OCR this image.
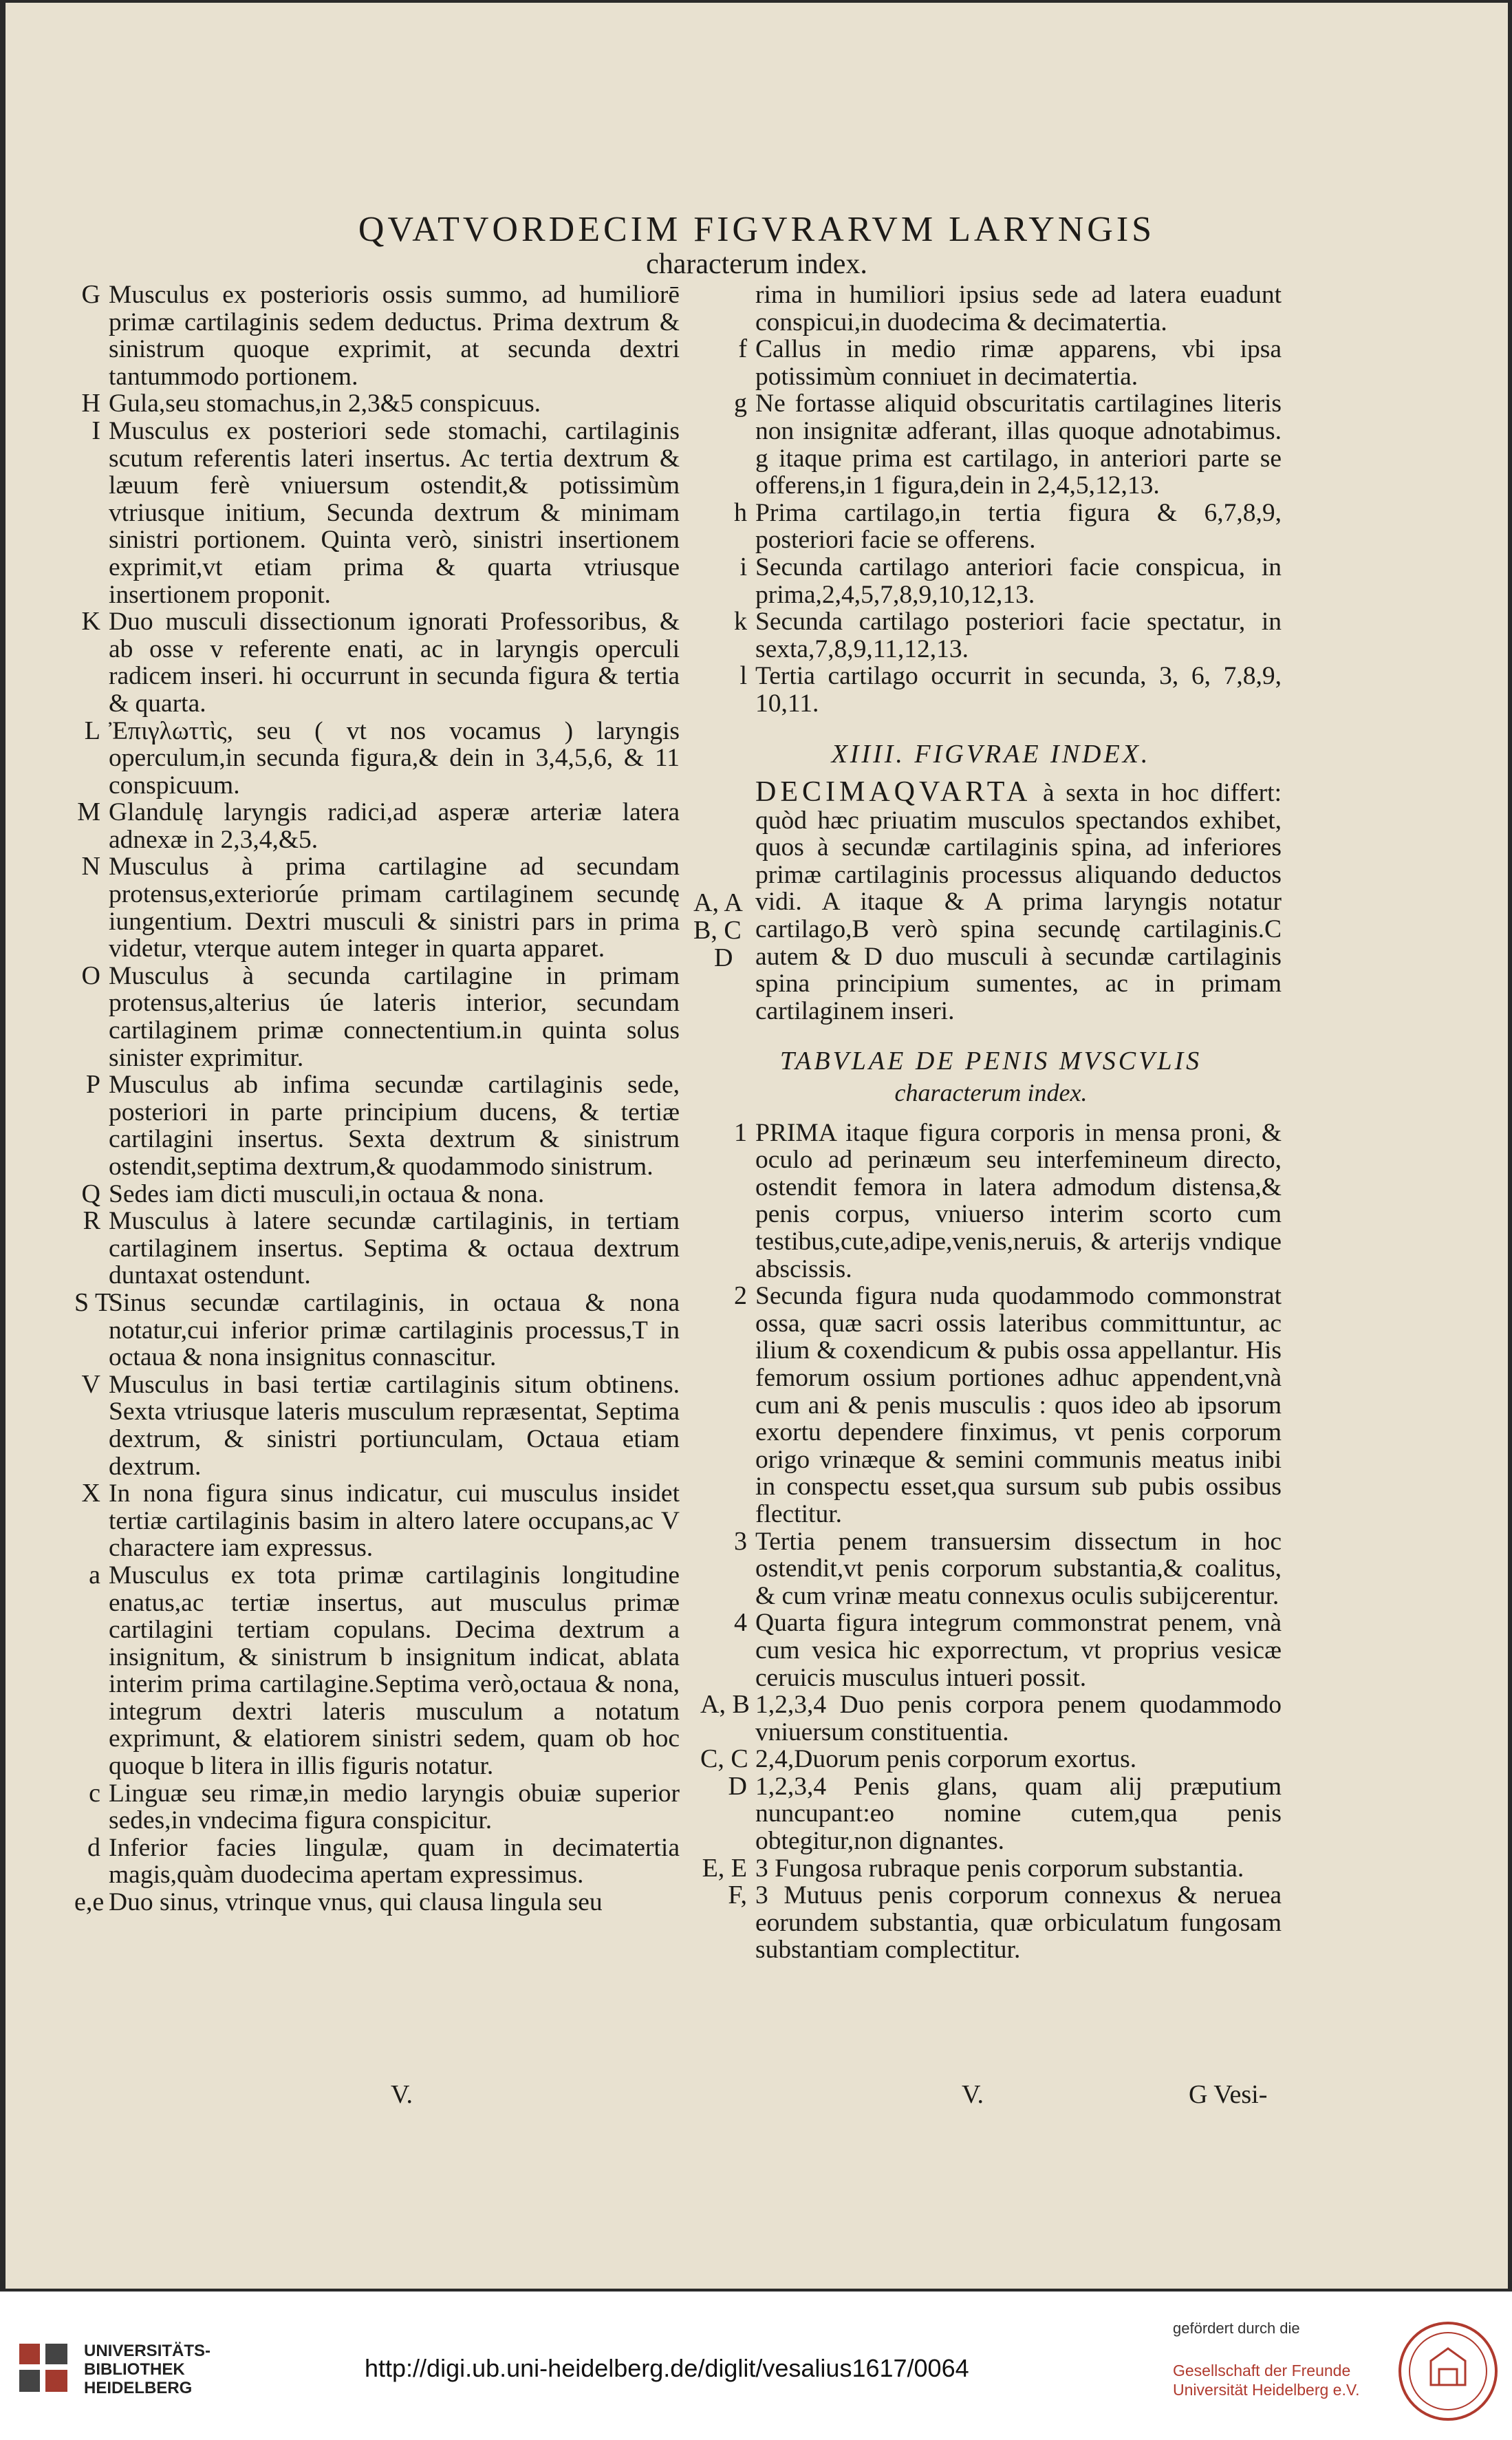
QVATVORDECIM FIGVRARVM LARYNGIS
characterum index.
G Musculus ex posterioris ossis summo, ad humiliorē primæ cartilaginis sedem deductus. Prima dextrum & sinistrum quoque exprimit, at secunda dextri tantummodo portionem.
H Gula,seu stomachus,in 2,3&5 conspicuus.
I Musculus ex posteriori sede stomachi, cartilaginis scutum referentis lateri insertus. Ac tertia dextrum & læuum ferè vniuersum ostendit,& potissimùm vtriusque initium, Secunda dextrum & minimam sinistri portionem. Quinta verò, sinistri insertionem exprimit,vt etiam prima & quarta vtriusque insertionem proponit.
K Duo musculi dissectionum ignorati Professoribus, & ab osse v referente enati, ac in laryngis operculi radicem inseri. hi occurrunt in secunda figura & tertia & quarta.
L Ἐπιγλωττὶς, seu ( vt nos vocamus ) laryngis operculum,in secunda figura,& dein in 3,4,5,6, & 11 conspicuum.
M Glandulę laryngis radici,ad asperæ arteriæ latera adnexæ in 2,3,4,&5.
N Musculus à prima cartilagine ad secundam protensus,exteriorúe primam cartilaginem secundę iungentium. Dextri musculi & sinistri pars in prima videtur, vterque autem integer in quarta apparet.
O Musculus à secunda cartilagine in primam protensus,alterius úe lateris interior, secundam cartilaginem primæ connectentium.in quinta solus sinister exprimitur.
P Musculus ab infima secundæ cartilaginis sede, posteriori in parte principium ducens, & tertiæ cartilagini insertus. Sexta dextrum & sinistrum ostendit,septima dextrum,& quodammodo sinistrum.
Q Sedes iam dicti musculi,in octaua & nona.
R Musculus à latere secundæ cartilaginis, in tertiam cartilaginem insertus. Septima & octaua dextrum duntaxat ostendunt.
S T
Sinus secundæ cartilaginis, in octaua & nona notatur,cui inferior primæ cartilaginis processus,T in octaua & nona insignitus connascitur.
V Musculus in basi tertiæ cartilaginis situm obtinens. Sexta vtriusque lateris musculum repræsentat, Septima dextrum, & sinistri portiunculam, Octaua etiam dextrum.
X In nona figura sinus indicatur, cui musculus insidet tertiæ cartilaginis basim in altero latere occupans,ac V charactere iam expressus.
a Musculus ex tota primæ cartilaginis longitudine enatus,ac tertiæ insertus, aut musculus primæ cartilagini tertiam copulans. Decima dextrum a insignitum, & sinistrum b insignitum indicat, ablata interim prima cartilagine.Septima verò,octaua & nona, integrum dextri lateris musculum a notatum exprimunt, & elatiorem sinistri sedem, quam ob hoc quoque b litera in illis figuris notatur.
c Linguæ seu rimæ,in medio laryngis obuiæ superior sedes,in vndecima figura conspicitur.
d Inferior facies lingulæ, quam in decimatertia magis,quàm duodecima apertam expressimus.
e,e Duo sinus, vtrinque vnus, qui clausa lingula seu
rima in humiliori ipsius sede ad latera euadunt conspicui,in duodecima & decimatertia.
f Callus in medio rimæ apparens, vbi ipsa potissimùm conniuet in decimatertia.
g Ne fortasse aliquid obscuritatis cartilagines literis non insignitæ adferant, illas quoque adnotabimus. g itaque prima est cartilago, in anteriori parte se offerens,in 1 figura,dein in 2,4,5,12,13.
h Prima cartilago,in tertia figura & 6,7,8,9, posteriori facie se offerens.
i Secunda cartilago anteriori facie conspicua, in prima,2,4,5,7,8,9,10,12,13.
k Secunda cartilago posteriori facie spectatur, in sexta,7,8,9,11,12,13.
l Tertia cartilago occurrit in secunda, 3, 6, 7,8,9, 10,11.
XIIII. FIGVRAE INDEX.
A, A
B, C
D
DECIMAQVARTA à sexta in hoc differt: quòd hæc priuatim musculos spectandos exhibet, quos à secundæ cartilaginis spina, ad inferiores primæ cartilaginis processus aliquando deductos vidi. A itaque & A prima laryngis notatur cartilago,B verò spina secundę cartilaginis.C autem & D duo musculi à secundæ cartilaginis spina principium sumentes, ac in primam cartilaginem inseri.
TABVLAE DE PENIS MVSCVLIS
characterum index.
1 PRIMA itaque figura corporis in mensa proni, & oculo ad perinæum seu interfemineum directo, ostendit femora in latera admodum distensa,& penis corpus, vniuerso interim scorto cum testibus,cute,adipe,venis,neruis, & arterijs vndique abscissis.
2 Secunda figura nuda quodammodo commonstrat ossa, quæ sacri ossis lateribus committuntur, ac ilium & coxendicum & pubis ossa appellantur. His femorum ossium portiones adhuc appendent,vnà cum ani & penis musculis : quos ideo ab ipsorum exortu dependere finximus, vt penis corporum origo vrinæque & semini communis meatus inibi in conspectu esset,qua sursum sub pubis ossibus flectitur.
3 Tertia penem transuersim dissectum in hoc ostendit,vt penis corporum substantia,& coalitus, & cum vrinæ meatu connexus oculis subijcerentur.
4 Quarta figura integrum commonstrat penem, vnà cum vesica hic exporrectum, vt proprius vesicæ ceruicis musculus intueri possit.
A, B 1,2,3,4 Duo penis corpora penem quodammodo vniuersum constituentia.
C, C 2,4,Duorum penis corporum exortus.
D 1,2,3,4 Penis glans, quam alij præputium nuncupant:eo nomine cutem,qua penis obtegitur,non dignantes.
E, E 3 Fungosa rubraque penis corporum substantia.
F, 3 Mutuus penis corporum connexus & neruea eorundem substantia, quæ orbiculatum fungosam substantiam complectitur.
V.	V.	G Vesi-
UNIVERSITÄTS-
BIBLIOTHEK
HEIDELBERG
http://digi.ub.uni-heidelberg.de/diglit/vesalius1617/0064
gefördert durch die
Gesellschaft der Freunde
Universität Heidelberg e.V.
